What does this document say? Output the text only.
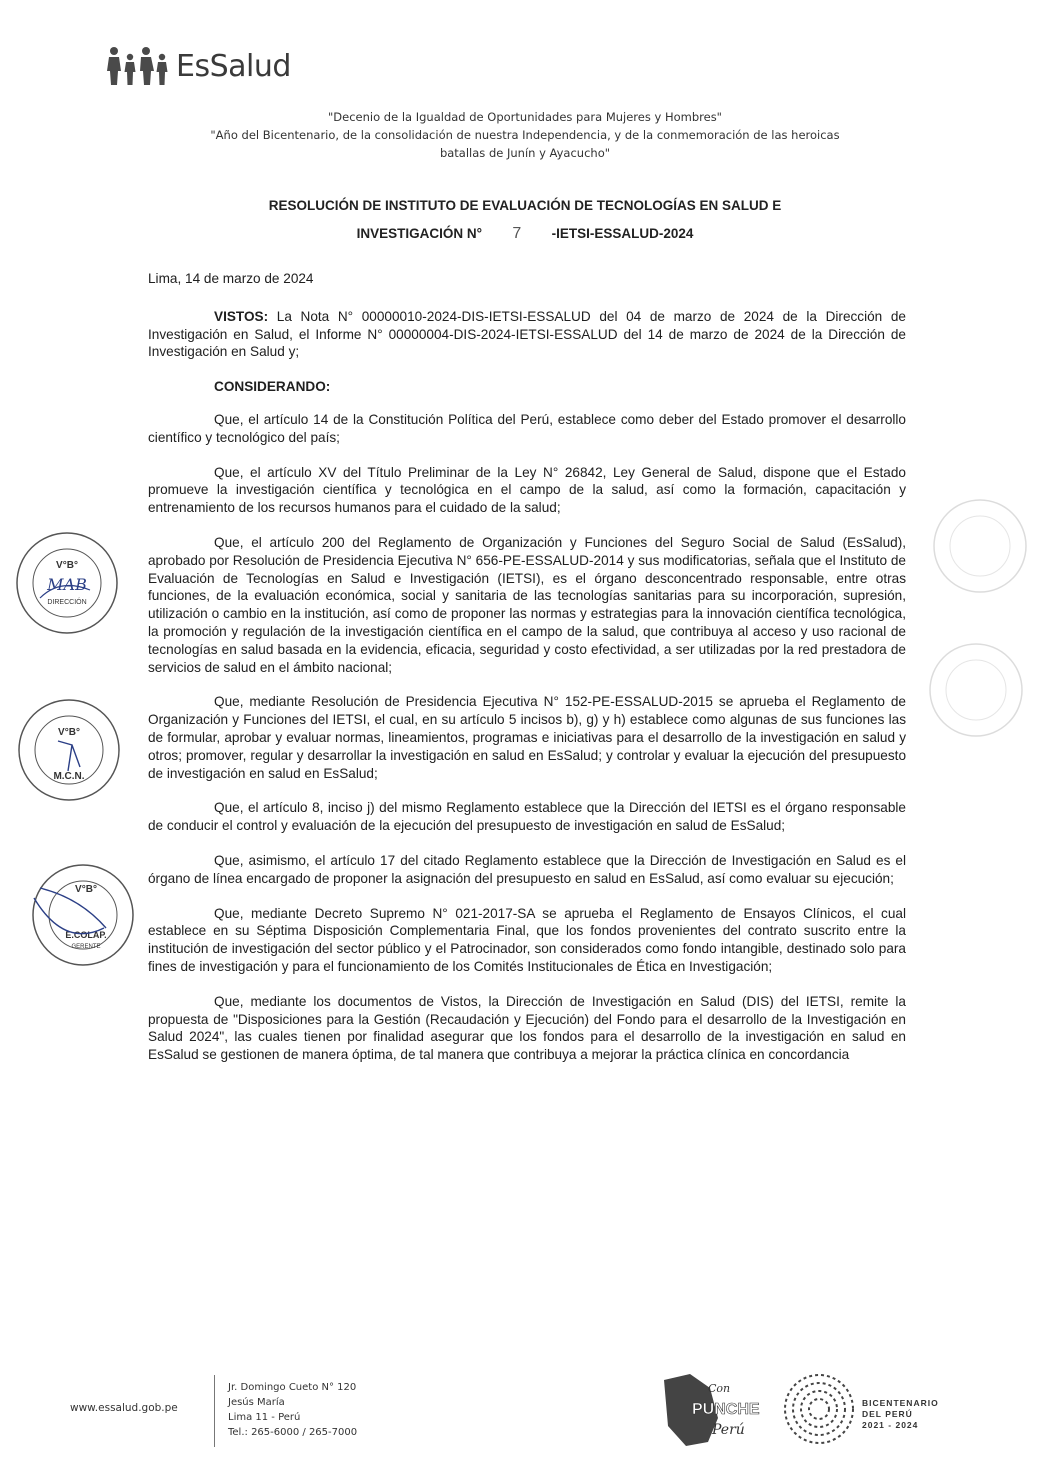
EsSalud
"Decenio de la Igualdad de Oportunidades para Mujeres y Hombres"
"Año del Bicentenario, de la consolidación de nuestra Independencia, y de la conmemoración de las heroicas
batallas de Junín y Ayacucho"
RESOLUCIÓN DE INSTITUTO DE EVALUACIÓN DE TECNOLOGÍAS EN SALUD E
INVESTIGACIÓN N° 7 -IETSI-ESSALUD-2024

Lima, 14 de marzo de 2024

VISTOS: La Nota N° 00000010-2024-DIS-IETSI-ESSALUD del 04 de marzo de 2024 de la Dirección de Investigación en Salud, el Informe N° 00000004-DIS-2024-IETSI-ESSALUD del 14 de marzo de 2024 de la Dirección de Investigación en Salud y;

CONSIDERANDO:

Que, el artículo 14 de la Constitución Política del Perú, establece como deber del Estado promover el desarrollo científico y tecnológico del país;

Que, el artículo XV del Título Preliminar de la Ley N° 26842, Ley General de Salud, dispone que el Estado promueve la investigación científica y tecnológica en el campo de la salud, así como la formación, capacitación y entrenamiento de los recursos humanos para el cuidado de la salud;

Que, el artículo 200 del Reglamento de Organización y Funciones del Seguro Social de Salud (EsSalud), aprobado por Resolución de Presidencia Ejecutiva N° 656-PE-ESSALUD-2014 y sus modificatorias, señala que el Instituto de Evaluación de Tecnologías en Salud e Investigación (IETSI), es el órgano desconcentrado responsable, entre otras funciones, de la evaluación económica, social y sanitaria de las tecnologías sanitarias para su incorporación, supresión, utilización o cambio en la institución, así como de proponer las normas y estrategias para la innovación científica tecnológica, la promoción y regulación de la investigación científica en el campo de la salud, que contribuya al acceso y uso racional de tecnologías en salud basada en la evidencia, eficacia, seguridad y costo efectividad, a ser utilizadas por la red prestadora de servicios de salud en el ámbito nacional;

Que, mediante Resolución de Presidencia Ejecutiva N° 152-PE-ESSALUD-2015 se aprueba el Reglamento de Organización y Funciones del IETSI, el cual, en su artículo 5 incisos b), g) y h) establece como algunas de sus funciones las de formular, aprobar y evaluar normas, lineamientos, programas e iniciativas para el desarrollo de la investigación en salud y otros; promover, regular y desarrollar la investigación en salud en EsSalud; y controlar y evaluar la ejecución del presupuesto de investigación en salud en EsSalud;

Que, el artículo 8, inciso j) del mismo Reglamento establece que la Dirección del IETSI es el órgano responsable de conducir el control y evaluación de la ejecución del presupuesto de investigación en salud de EsSalud;

Que, asimismo, el artículo 17 del citado Reglamento establece que la Dirección de Investigación en Salud es el órgano de línea encargado de proponer la asignación del presupuesto en salud en EsSalud, así como evaluar su ejecución;

Que, mediante Decreto Supremo N° 021-2017-SA se aprueba el Reglamento de Ensayos Clínicos, el cual establece en su Séptima Disposición Complementaria Final, que los fondos provenientes del contrato suscrito entre la institución de investigación del sector público y el Patrocinador, son considerados como fondo intangible, destinado solo para fines de investigación y para el funcionamiento de los Comités Institucionales de Ética en Investigación;

Que, mediante los documentos de Vistos, la Dirección de Investigación en Salud (DIS) del IETSI, remite la propuesta de "Disposiciones para la Gestión (Recaudación y Ejecución) del Fondo para el desarrollo de la Investigación en Salud 2024", las cuales tienen por finalidad asegurar que los fondos para el desarrollo de la investigación en salud en EsSalud se gestionen de manera óptima, de tal manera que contribuya a mejorar la práctica clínica en concordancia

V°B°
MAB
DIRECCIÓN
V°B°
M.C.N.
V°B°
E.COLAP.
GERENTE
www.essalud.gob.pe
Jr. Domingo Cueto N° 120
Jesús María
Lima 11 - Perú
Tel.: 265-6000 / 265-7000
Con
PUNCHE
Perú
BICENTENARIO
DEL PERÚ
2021 - 2024
